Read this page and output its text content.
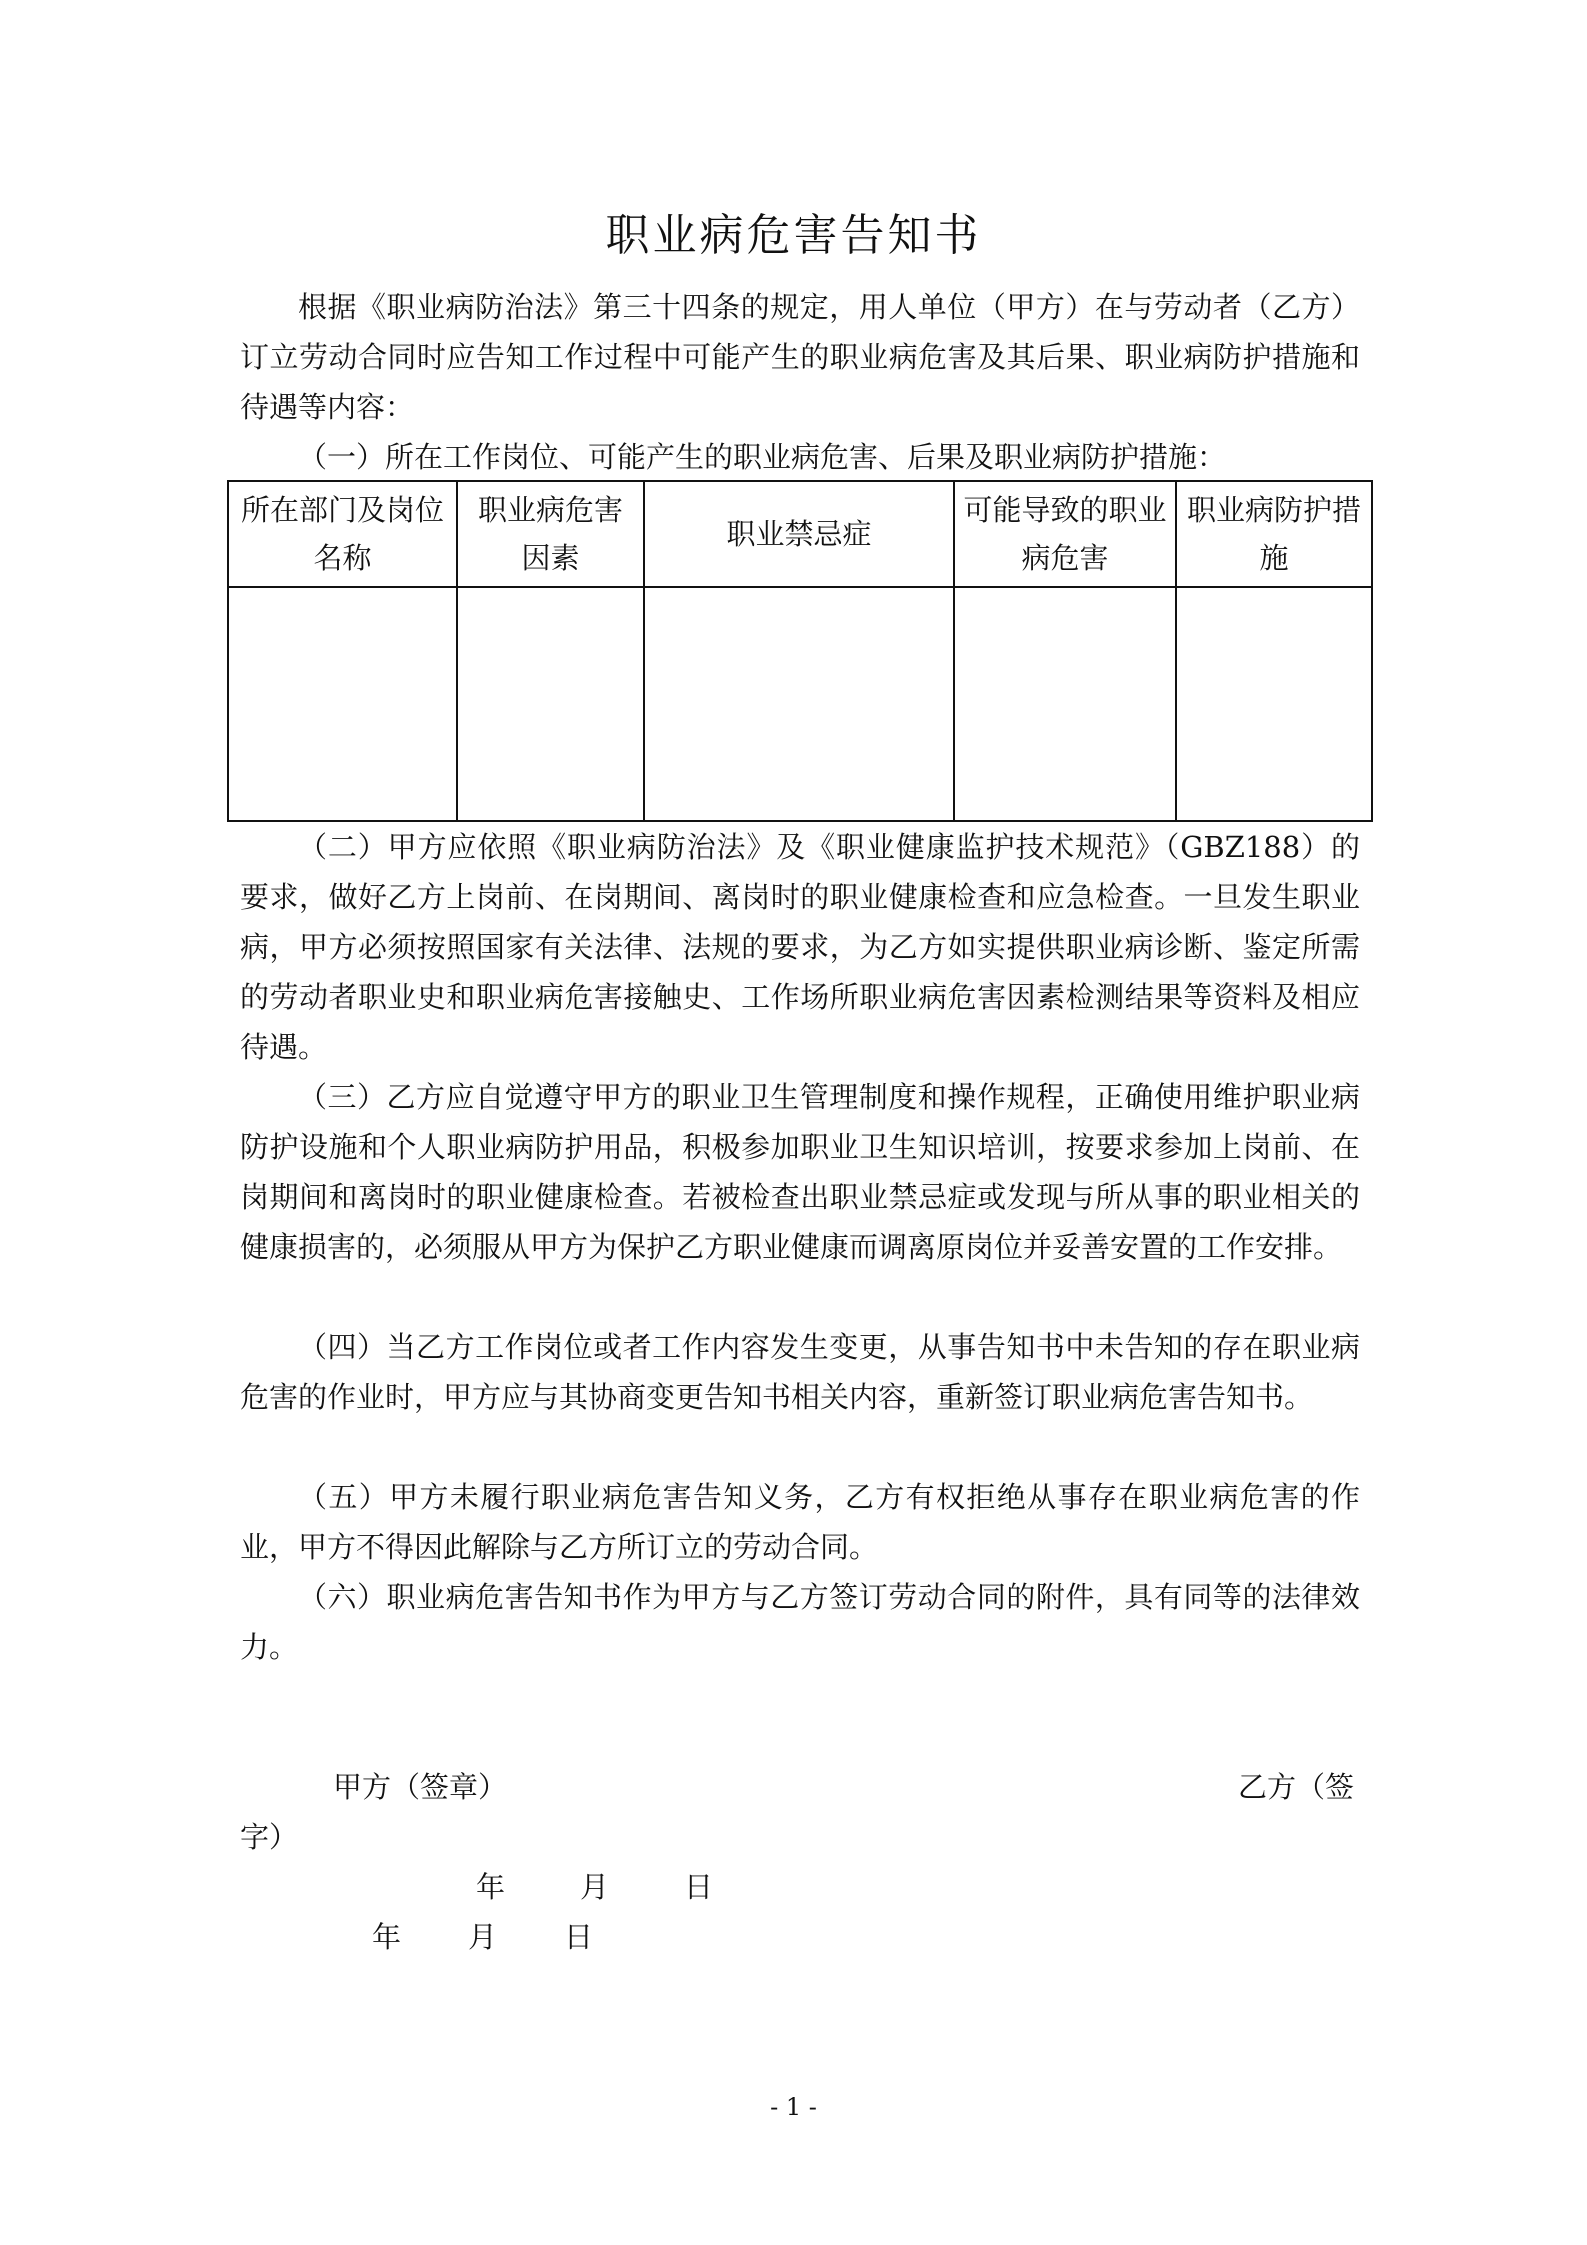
职业病危害告知书

根据《职业病防治法》第三十四条的规定，用人单位（甲方）在与劳动者（乙方）订立劳动合同时应告知工作过程中可能产生的职业病危害及其后果、职业病防护措施和待遇等内容：

（一）所在工作岗位、可能产生的职业病危害、后果及职业病防护措施：

所在部门及岗位名称	职业病危害因素	职业禁忌症	可能导致的职业病危害	职业病防护措施

（二）甲方应依照《职业病防治法》及《职业健康监护技术规范》（GBZ188）的要求，做好乙方上岗前、在岗期间、离岗时的职业健康检查和应急检查。一旦发生职业病，甲方必须按照国家有关法律、法规的要求，为乙方如实提供职业病诊断、鉴定所需的劳动者职业史和职业病危害接触史、工作场所职业病危害因素检测结果等资料及相应待遇。

（三）乙方应自觉遵守甲方的职业卫生管理制度和操作规程，正确使用维护职业病防护设施和个人职业病防护用品，积极参加职业卫生知识培训，按要求参加上岗前、在岗期间和离岗时的职业健康检查。若被检查出职业禁忌症或发现与所从事的职业相关的健康损害的，必须服从甲方为保护乙方职业健康而调离原岗位并妥善安置的工作安排。

（四）当乙方工作岗位或者工作内容发生变更，从事告知书中未告知的存在职业病危害的作业时，甲方应与其协商变更告知书相关内容，重新签订职业病危害告知书。

（五）甲方未履行职业病危害告知义务，乙方有权拒绝从事存在职业病危害的作业，甲方不得因此解除与乙方所订立的劳动合同。

（六）职业病危害告知书作为甲方与乙方签订劳动合同的附件，具有同等的法律效力。

甲方（签章）	乙方（签
字）
年	月	日
年 月 日
- 1 -
